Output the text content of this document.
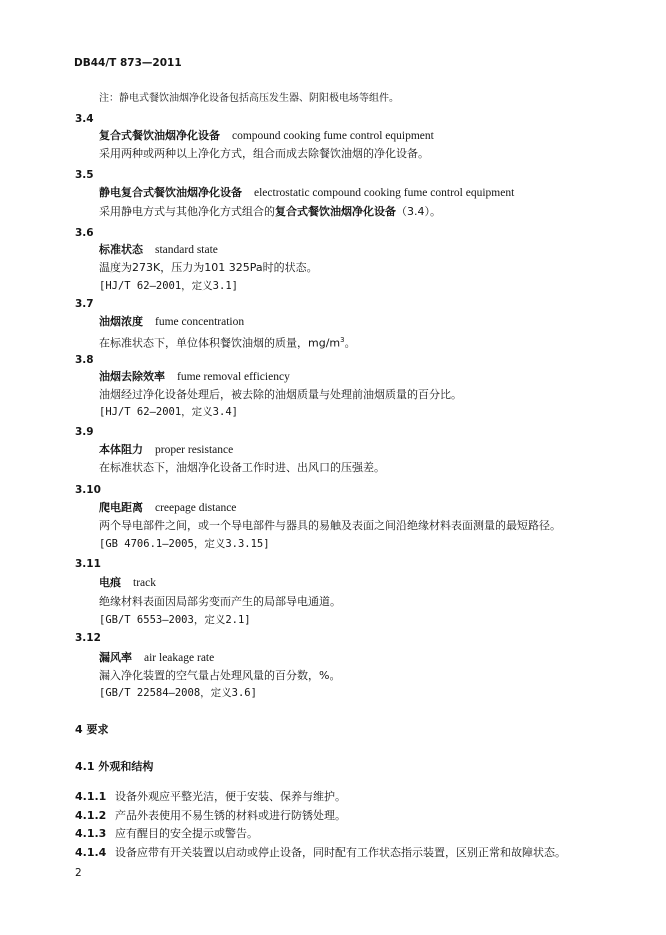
DB44/T 873—2011
注：静电式餐饮油烟净化设备包括高压发生器、阴阳极电场等组件。
3.4
复合式餐饮油烟净化设备 compound cooking fume control equipment
采用两种或两种以上净化方式，组合而成去除餐饮油烟的净化设备。
3.5
静电复合式餐饮油烟净化设备 electrostatic compound cooking fume control equipment
采用静电方式与其他净化方式组合的复合式餐饮油烟净化设备（3.4）。
3.6
标准状态 standard state
温度为273K，压力为101 325Pa时的状态。
[HJ/T 62—2001，定义3.1]
3.7
油烟浓度 fume concentration
在标准状态下，单位体积餐饮油烟的质量，$mg/m^3$。
3.8
油烟去除效率 fume removal efficiency
油烟经过净化设备处理后，被去除的油烟质量与处理前油烟质量的百分比。
[HJ/T 62—2001，定义3.4]
3.9
本体阻力 proper resistance
在标准状态下，油烟净化设备工作时进、出风口的压强差。
3.10
爬电距离 creepage distance
两个导电部件之间，或一个导电部件与器具的易触及表面之间沿绝缘材料表面测量的最短路径。
[GB 4706.1—2005，定义3.3.15]
3.11
电痕 track
绝缘材料表面因局部劣变而产生的局部导电通道。
[GB/T 6553—2003，定义2.1]
3.12
漏风率 air leakage rate
漏入净化装置的空气量占处理风量的百分数，%。
[GB/T 22584—2008，定义3.6]
4 要求
4.1 外观和结构
4.1.1 设备外观应平整光洁，便于安装、保养与维护。
4.1.2 产品外表使用不易生锈的材料或进行防锈处理。
4.1.3 应有醒目的安全提示或警告。
4.1.4 设备应带有开关装置以启动或停止设备，同时配有工作状态指示装置，区别正常和故障状态。
2
